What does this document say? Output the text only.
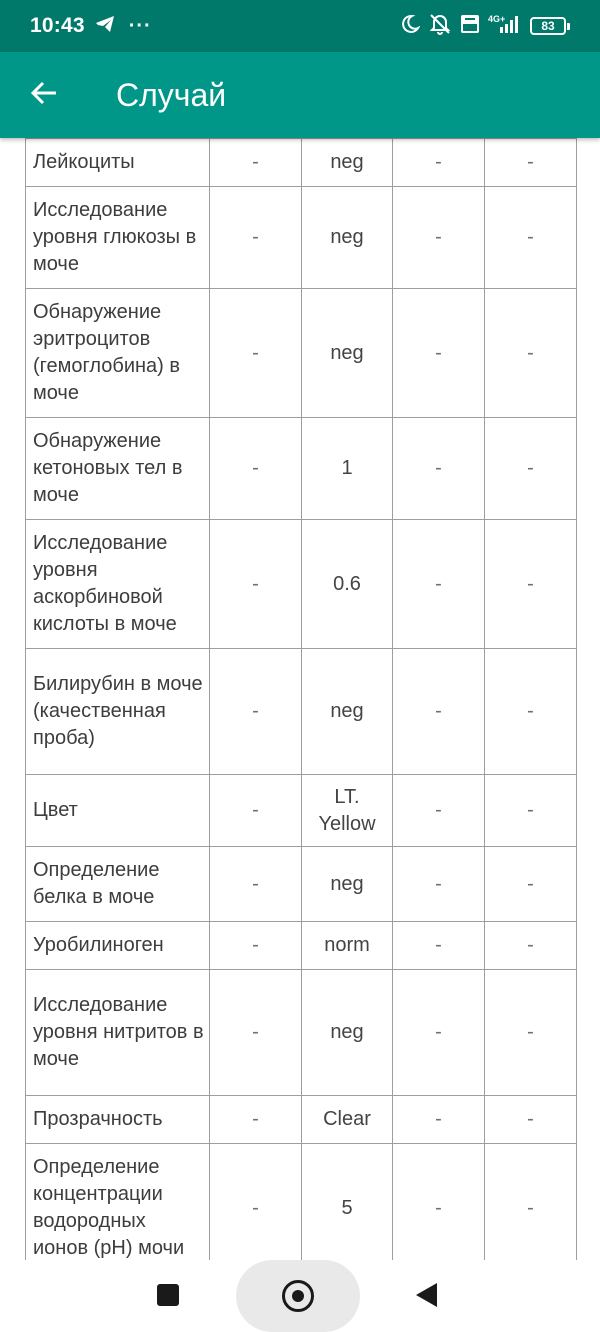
10:43 ···	4G+
83
Случай
Лейкоциты	-	neg	-	-
Исследование уровня глюкозы в моче	-	neg	-	-
Обнаружение эритроцитов (гемоглобина) в моче	-	neg	-	-
Обнаружение кетоновых тел в моче	-	1	-	-
Исследование уровня аскорбиновой кислоты в моче	-	0.6	-	-
Билирубин в моче (качественная проба)	-	neg	-	-
Цвет	-	LT. Yellow	-	-
Определение белка в моче	-	neg	-	-
Уробилиноген	-	norm	-	-
Исследование уровня нитритов в моче	-	neg	-	-
Прозрачность	-	Clear	-	-
Определение концентрации водородных ионов (pH) мочи	-	5	-	-
